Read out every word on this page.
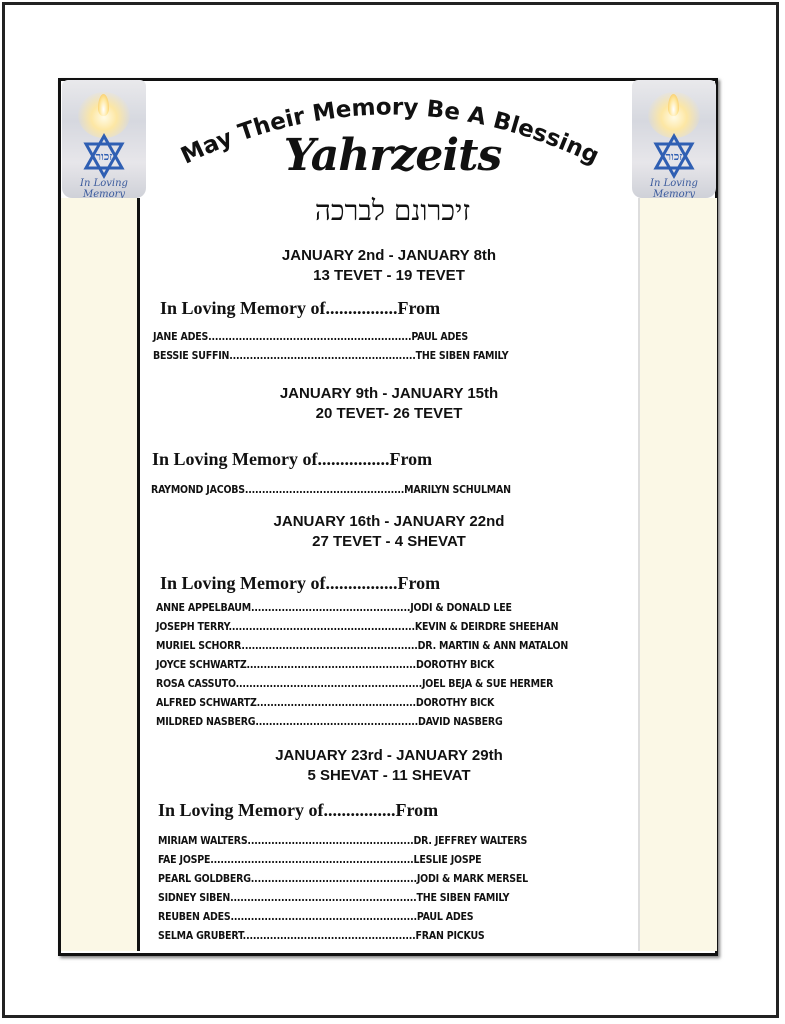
זכור
In Loving Memory
זכור
In Loving Memory
May Their Memory Be A Blessing
Yahrzeits
זיכרונם לברכה
JANUARY 2nd - JANUARY 8th
13 TEVET - 19 TEVET
In Loving Memory of................From
JANE ADES............................................................PAUL ADES
BESSIE SUFFIN.......................................................THE SIBEN FAMILY
JANUARY 9th - JANUARY 15th
20 TEVET- 26 TEVET
In Loving Memory of................From
RAYMOND JACOBS...............................................MARILYN SCHULMAN
JANUARY 16th - JANUARY 22nd
27 TEVET - 4 SHEVAT
In Loving Memory of................From
ANNE APPELBAUM...............................................JODI & DONALD LEE
JOSEPH TERRY.......................................................KEVIN & DEIRDRE SHEEHAN
MURIEL SCHORR....................................................DR. MARTIN & ANN MATALON
JOYCE SCHWARTZ..................................................DOROTHY BICK
ROSA CASSUTO.......................................................JOEL BEJA & SUE HERMER
ALFRED SCHWARTZ...............................................DOROTHY BICK
MILDRED NASBERG................................................DAVID NASBERG
JANUARY 23rd - JANUARY 29th
5 SHEVAT - 11 SHEVAT
In Loving Memory of................From
MIRIAM WALTERS.................................................DR. JEFFREY WALTERS
FAE JOSPE............................................................LESLIE JOSPE
PEARL GOLDBERG.................................................JODI & MARK MERSEL
SIDNEY SIBEN.......................................................THE SIBEN FAMILY
REUBEN ADES.......................................................PAUL ADES
SELMA GRUBERT...................................................FRAN PICKUS
